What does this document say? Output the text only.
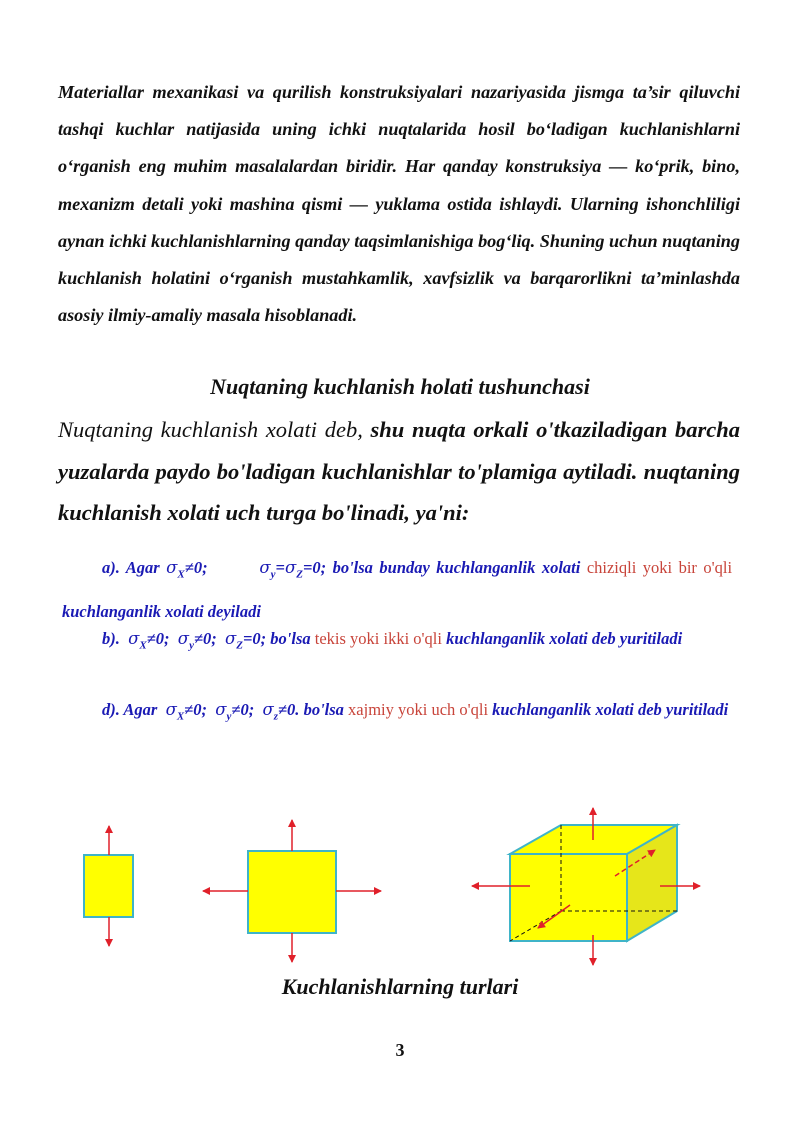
Materiallar mexanikasi va qurilish konstruksiyalari nazariyasida jismga ta’sir qiluvchi tashqi kuchlar natijasida uning ichki nuqtalarida hosil bo‘ladigan kuchlanishlarni o‘rganish eng muhim masalalardan biridir. Har qanday konstruksiya — ko‘prik, bino, mexanizm detali yoki mashina qismi — yuklama ostida ishlaydi. Ularning ishonchliligi aynan ichki kuchlanishlarning qanday taqsimlanishiga bog‘liq. Shuning uchun nuqtaning kuchlanish holatini o‘rganish mustahkamlik, xavfsizlik va barqarorlikni ta’minlashda asosiy ilmiy-amaliy masala hisoblanadi.
Nuqtaning kuchlanish holati tushunchasi
Nuqtaning kuchlanish xolati deb, shu nuqta orkali o'tkaziladigan barcha yuzalarda paydo bo'ladigan kuchlanishlar to'plamiga aytiladi. nuqtaning kuchlanish xolati uch turga bo'linadi, ya'ni:
a). Agar $\sigma_X\ne 0$;	$\sigma_y=\sigma_Z=0$; bo'lsa bunday kuchlanganlik xolati chiziqli yoki bir o'qli kuchlanganlik xolati deyiladi
b). $\sigma_X\ne 0$; $\sigma_y\ne 0$; $\sigma_Z=0$; bo'lsa tekis yoki ikki o'qli kuchlanganlik xolati deb yuritiladi
d). Agar $\sigma_X\ne 0$; $\sigma_y\ne 0$; $\sigma_z\ne 0$. bo'lsa xajmiy yoki uch o'qli kuchlanganlik xolati deb yuritiladi
Kuchlanishlarning turlari
3
